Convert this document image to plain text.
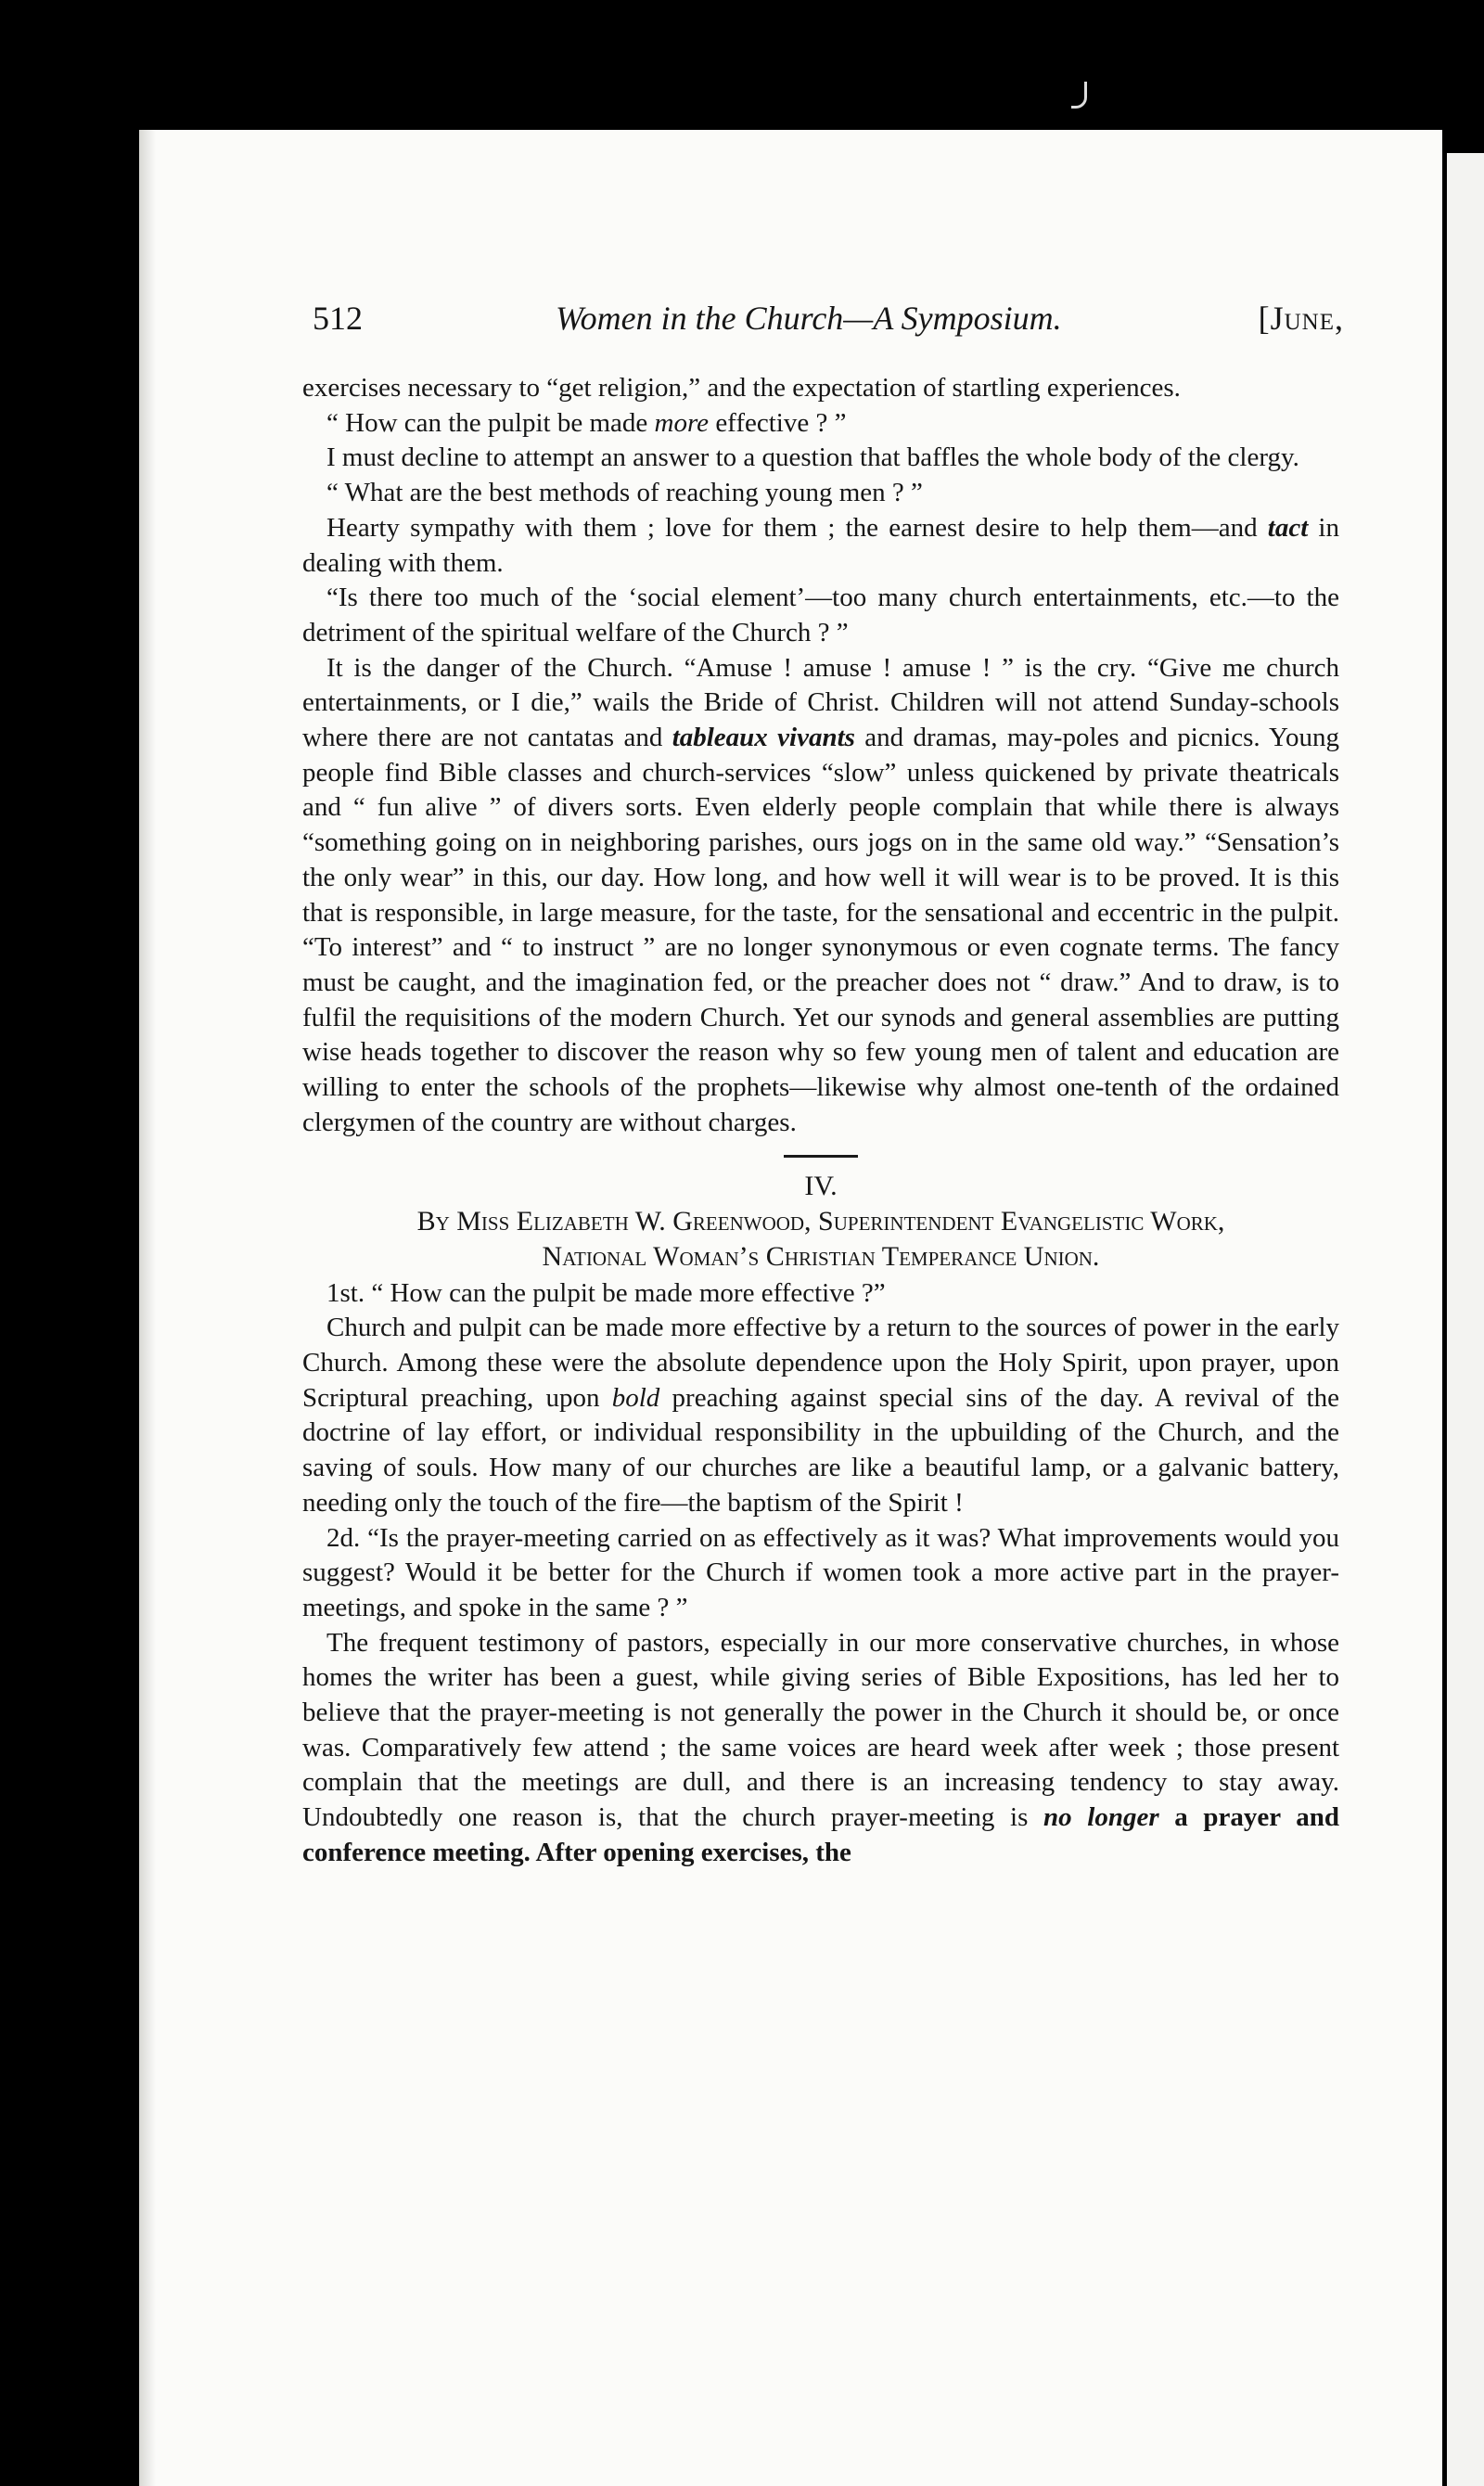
512	Women in the Church—A Symposium.	[June,

exercises necessary to “get religion,” and the expectation of startling experiences.

“ How can the pulpit be made more effective ? ”

I must decline to attempt an answer to a question that baffles the whole body of the clergy.

“ What are the best methods of reaching young men ? ”

Hearty sympathy with them ; love for them ; the earnest desire to help them—and tact in dealing with them.

“Is there too much of the ‘social element’—too many church entertainments, etc.—to the detriment of the spiritual welfare of the Church ? ”

It is the danger of the Church. “Amuse ! amuse ! amuse ! ” is the cry. “Give me church entertainments, or I die,” wails the Bride of Christ. Children will not attend Sunday-schools where there are not cantatas and tableaux vivants and dramas, may-poles and picnics. Young people find Bible classes and church-services “slow” unless quickened by private theatricals and “ fun alive ” of divers sorts. Even elderly people complain that while there is always “something going on in neighboring parishes, ours jogs on in the same old way.” “Sensation’s the only wear” in this, our day. How long, and how well it will wear is to be proved. It is this that is responsible, in large measure, for the taste, for the sensational and eccentric in the pulpit. “To interest” and “ to instruct ” are no longer synonymous or even cognate terms. The fancy must be caught, and the imagination fed, or the preacher does not “ draw.” And to draw, is to fulfil the requisitions of the modern Church. Yet our synods and general assemblies are putting wise heads together to discover the reason why so few young men of talent and education are willing to enter the schools of the prophets—likewise why almost one-tenth of the ordained clergymen of the country are without charges.

IV.

By Miss Elizabeth W. Greenwood, Superintendent Evangelistic Work,

National Woman’s Christian Temperance Union.

1st. “ How can the pulpit be made more effective ?”

Church and pulpit can be made more effective by a return to the sources of power in the early Church. Among these were the absolute dependence upon the Holy Spirit, upon prayer, upon Scriptural preaching, upon bold preaching against special sins of the day. A revival of the doctrine of lay effort, or individual responsibility in the upbuilding of the Church, and the saving of souls. How many of our churches are like a beautiful lamp, or a galvanic battery, needing only the touch of the fire—the baptism of the Spirit !

2d. “Is the prayer-meeting carried on as effectively as it was? What improvements would you suggest? Would it be better for the Church if women took a more active part in the prayer-meetings, and spoke in the same ? ”

The frequent testimony of pastors, especially in our more conservative churches, in whose homes the writer has been a guest, while giving series of Bible Expositions, has led her to believe that the prayer-meeting is not generally the power in the Church it should be, or once was. Comparatively few attend ; the same voices are heard week after week ; those present complain that the meetings are dull, and there is an increasing tendency to stay away. Undoubtedly one reason is, that the church prayer-meeting is no longer a prayer and conference meeting. After opening exercises, the
